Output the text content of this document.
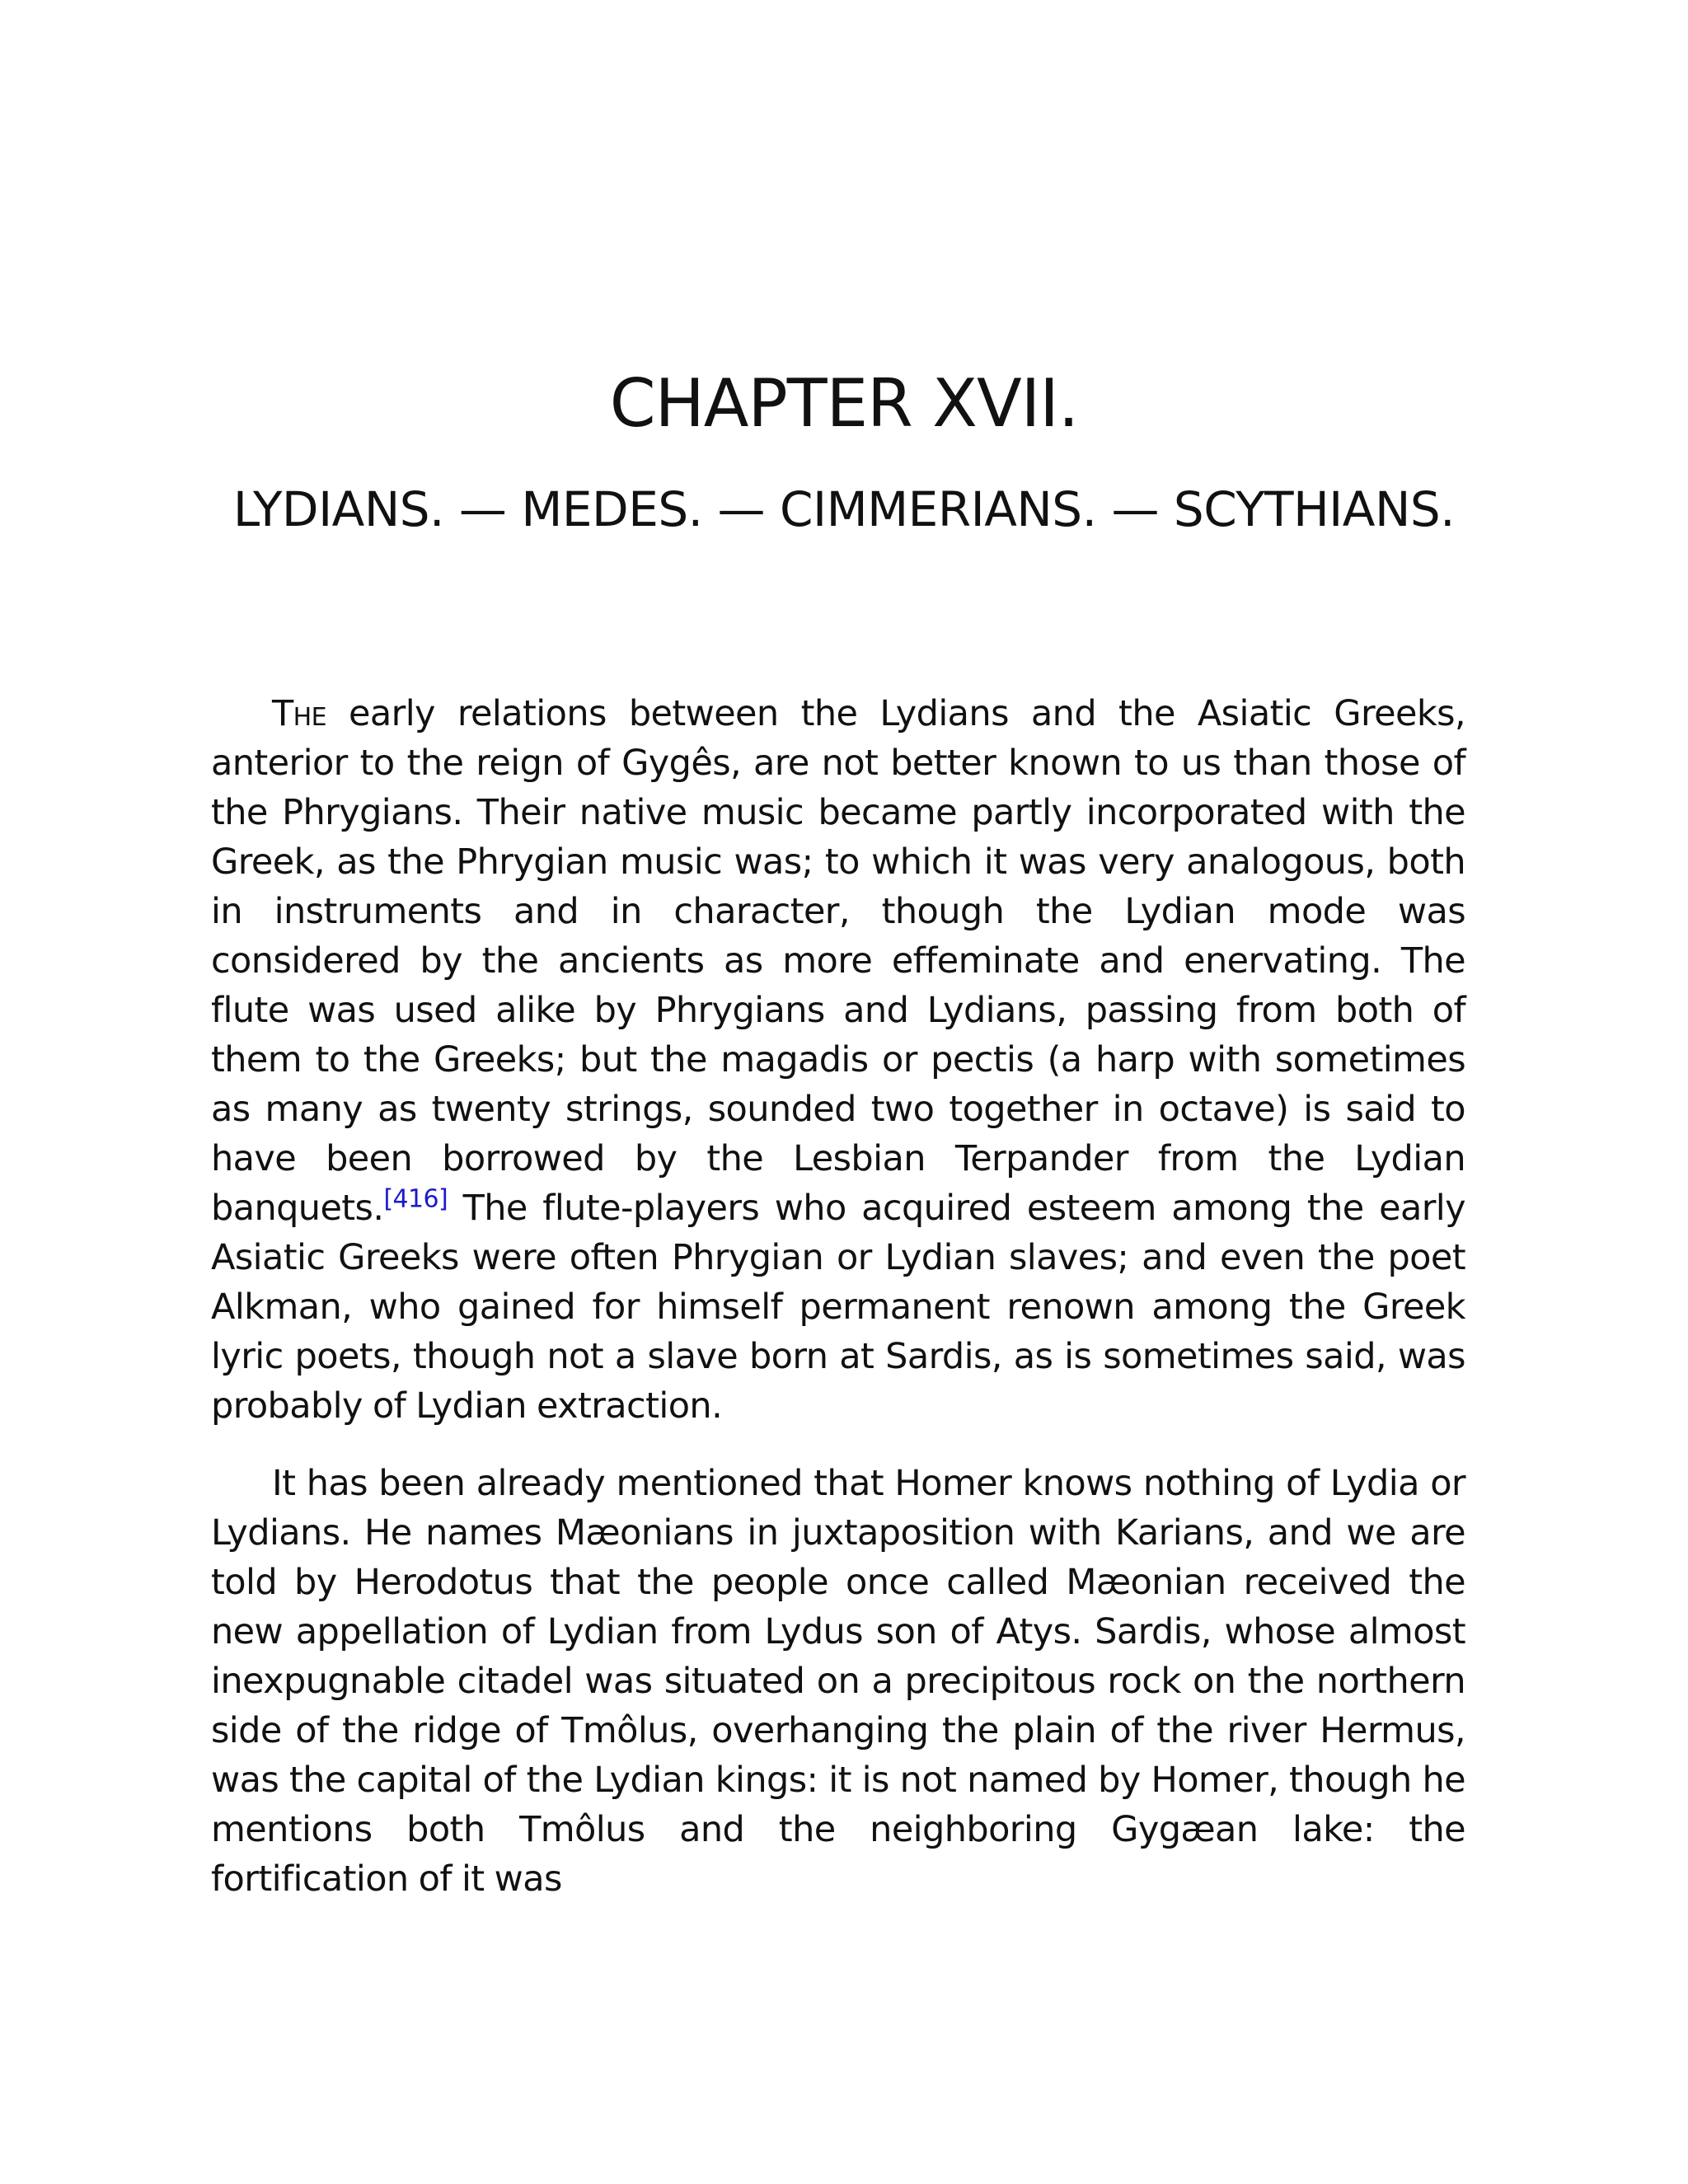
CHAPTER XVII.
LYDIANS. — MEDES. — CIMMERIANS. — SCYTHIANS.

The early relations between the Lydians and the Asiatic Greeks, anterior to the reign of Gygês, are not better known to us than those of the Phrygians. Their native music became partly incorporated with the Greek, as the Phrygian music was; to which it was very analogous, both in instruments and in character, though the Lydian mode was considered by the ancients as more effeminate and enervating. The flute was used alike by Phrygians and Lydians, passing from both of them to the Greeks; but the magadis or pectis (a harp with sometimes as many as twenty strings, sounded two together in octave) is said to have been borrowed by the Lesbian Terpander from the Lydian banquets.[416] The flute-players who acquired esteem among the early Asiatic Greeks were often Phrygian or Lydian slaves; and even the poet Alkman, who gained for himself permanent renown among the Greek lyric poets, though not a slave born at Sardis, as is sometimes said, was probably of Lydian extraction.

It has been already mentioned that Homer knows nothing of Lydia or Lydians. He names Mæonians in juxtaposition with Karians, and we are told by Herodotus that the people once called Mæonian received the new appellation of Lydian from Lydus son of Atys. Sardis, whose almost inexpugnable citadel was situated on a precipitous rock on the northern side of the ridge of Tmôlus, overhanging the plain of the river Hermus, was the capital of the Lydian kings: it is not named by Homer, though he mentions both Tmôlus and the neighboring Gygæan lake: the fortification of it was
